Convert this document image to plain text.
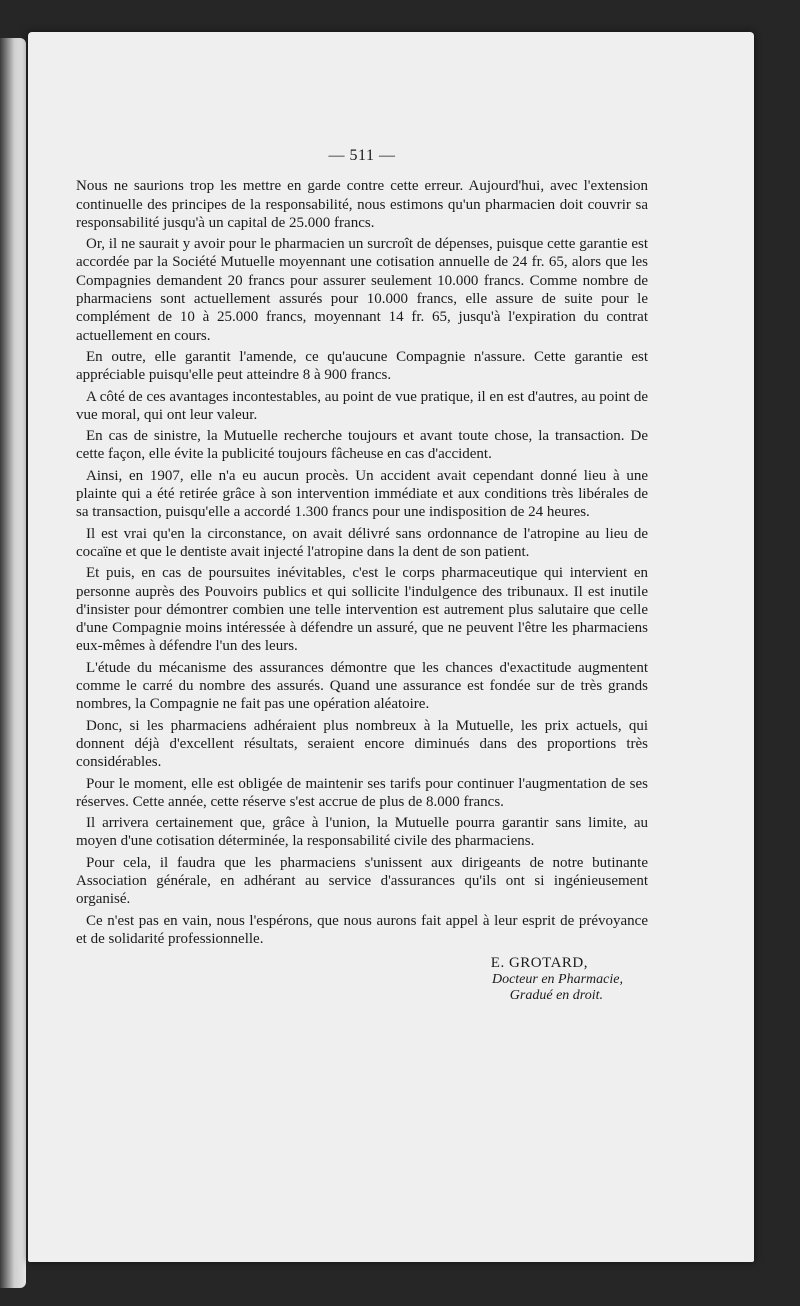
— 511 —

Nous ne saurions trop les mettre en garde contre cette erreur. Aujourd'hui, avec l'extension continuelle des principes de la responsabilité, nous estimons qu'un pharmacien doit couvrir sa responsabilité jusqu'à un capital de 25.000 francs.

Or, il ne saurait y avoir pour le pharmacien un surcroît de dépenses, puisque cette garantie est accordée par la Société Mutuelle moyennant une cotisation annuelle de 24 fr. 65, alors que les Compagnies demandent 20 francs pour assurer seulement 10.000 francs. Comme nombre de pharmaciens sont actuellement assurés pour 10.000 francs, elle assure de suite pour le complément de 10 à 25.000 francs, moyennant 14 fr. 65, jusqu'à l'expiration du contrat actuellement en cours.

En outre, elle garantit l'amende, ce qu'aucune Compagnie n'assure. Cette garantie est appréciable puisqu'elle peut atteindre 8 à 900 francs.

A côté de ces avantages incontestables, au point de vue pratique, il en est d'autres, au point de vue moral, qui ont leur valeur.

En cas de sinistre, la Mutuelle recherche toujours et avant toute chose, la transaction. De cette façon, elle évite la publicité toujours fâcheuse en cas d'accident.

Ainsi, en 1907, elle n'a eu aucun procès. Un accident avait cependant donné lieu à une plainte qui a été retirée grâce à son intervention immédiate et aux conditions très libérales de sa transaction, puisqu'elle a accordé 1.300 francs pour une indisposition de 24 heures.

Il est vrai qu'en la circonstance, on avait délivré sans ordonnance de l'atropine au lieu de cocaïne et que le dentiste avait injecté l'atropine dans la dent de son patient.

Et puis, en cas de poursuites inévitables, c'est le corps pharmaceutique qui intervient en personne auprès des Pouvoirs publics et qui sollicite l'indulgence des tribunaux. Il est inutile d'insister pour démontrer combien une telle intervention est autrement plus salutaire que celle d'une Compagnie moins intéressée à défendre un assuré, que ne peuvent l'être les pharmaciens eux-mêmes à défendre l'un des leurs.

L'étude du mécanisme des assurances démontre que les chances d'exactitude augmentent comme le carré du nombre des assurés. Quand une assurance est fondée sur de très grands nombres, la Compagnie ne fait pas une opération aléatoire.

Donc, si les pharmaciens adhéraient plus nombreux à la Mutuelle, les prix actuels, qui donnent déjà d'excellent résultats, seraient encore diminués dans des proportions très considérables.

Pour le moment, elle est obligée de maintenir ses tarifs pour continuer l'augmentation de ses réserves. Cette année, cette réserve s'est accrue de plus de 8.000 francs.

Il arrivera certainement que, grâce à l'union, la Mutuelle pourra garantir sans limite, au moyen d'une cotisation déterminée, la responsabilité civile des pharmaciens.

Pour cela, il faudra que les pharmaciens s'unissent aux dirigeants de notre butinante Association générale, en adhérant au service d'assurances qu'ils ont si ingénieusement organisé.

Ce n'est pas en vain, nous l'espérons, que nous aurons fait appel à leur esprit de prévoyance et de solidarité professionnelle.

E. GROTARD,
Docteur en Pharmacie,
Gradué en droit.
